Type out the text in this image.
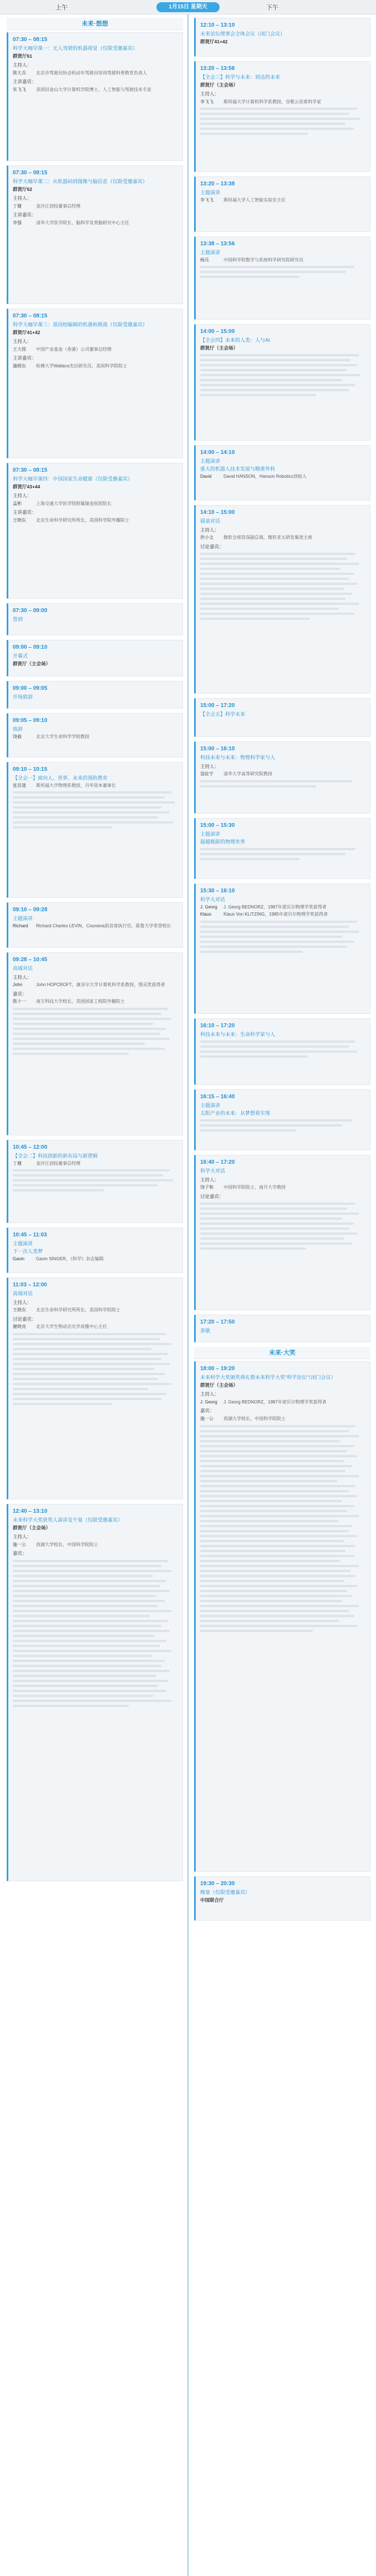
上午	1月15日 星期天	下午
未来·想想
07:30 – 08:15
科学大咖早课一：无人驾驶的机器视觉（仅限受邀嘉宾）
群贤厅61
主持人：
陈大兵	北京市驾驶员协会机动车驾驶员培训驾驶科普教育负责人
主讲嘉宾：
朱飞飞	美国旧金山大学计算机学院博士，人工智能与驾驶技术专家
07:30 – 08:15
科学大咖早课二：从机器码到图像与脑信息（仅限受邀嘉宾）
群贤厅62
主持人：
丁健	金沙江创投董事总经理
主讲嘉宾：
李强	清华大学医学院长、脑科学及类脑研究中心主任
07:30 – 08:15
科学大咖早课三：基因组编辑的机遇和挑战（仅限受邀嘉宾）
群贤厅41+42
主持人：
王大铭	中国产业基金（香港）公司董事总经理
主讲嘉宾：
施晓东	哈佛大学Wallace杰出研究员，美国科学院院士
07:30 – 08:15
科学大咖早课四：中国国家生命健康（仅限受邀嘉宾）
群贤厅43+44
主持人：
孟彬	上海交通大学医学院附属瑞金医院院长
主讲嘉宾：
王晓东	北京生命科学研究所所长，美国科学院外籍院士
07:30 – 09:00
签到
09:00 – 09:10
开幕式
群贤厅（主会场）
09:00 – 09:05
开场致辞
09:05 – 09:10
致辞
饶毅	北京大学生命科学学院教授
09:10 – 10:15
【全会一】面向人、世界、未来的预防教育
张首晟	斯坦福大学物理系教授，丹华资本董事长
09:10 – 09:28
主题演讲
Richard	Richard Charles LEVIN，Coursera前首席执行官，耶鲁大学荣誉校长
09:28 – 10:45
高端对话
主持人：
John	John HOPCROFT，康奈尔大学计算机科学系教授，图灵奖获得者
嘉宾：
陈十一	南方科技大学校长，美国国家工程院外籍院士
10:45 – 12:00
【全会二】科技创新的新布局与新逻辑
丁健	金沙江创投董事总经理
10:45 – 11:03
主题演讲
下一次人类梦
Gavin	Gavin SINGER，《科学》杂志编辑
11:03 – 12:00
高端对话
主持人：
王晓东	北京生命科学研究所所长，美国科学院院士
讨论嘉宾：
谢晓亮	北京大学生物动态光学成像中心主任
12:40 – 13:10
未来科学大奖获奖人演讲及午宴（仅限受邀嘉宾）
群贤厅（主会场）
主持人：
施一公	西湖大学校长，中国科学院院士
嘉宾：
12:10 – 13:10
未来论坛理事会全体会议（闭门会议）
群贤厅41+42
13:20 – 13:56
【全会三】科学与未来：到达的未来
群贤厅（主会场）
主持人：
李飞飞	斯坦福大学计算机科学系教授，谷歌云首席科学家
13:20 – 13:38
主题演讲
李飞飞	斯坦福大学人工智能实验室主任
13:38 – 13:56
主题演讲
杨乐	中国科学院数学与系统科学研究院研究员
14:00 – 15:00
【全会四】未来的人类：人与AI
群贤厅（主会场）
14:00 – 14:10
主题演讲
重大的机器人技术发展与精准外科
David	David HANSON，Hanson Robotics创始人
14:10 – 15:00
圆桌对话
主持人：
洪小文	微软全球资深副总裁，微软亚太研发集团主席
讨论嘉宾：
15:00 – 17:20
【全会五】科学未来
15:00 – 16:10
科技未来与未来：物理科学家与人
主持人：
翁征宇	清华大学高等研究院教授
15:00 – 15:30
主题演讲
超越极限的物理世界
15:30 – 16:10
科学大对话
J. Georg	J. Georg BEDNORZ，1987年诺贝尔物理学奖获得者
Klaus	Klaus Von KLITZING，1985年诺贝尔物理学奖获得者
16:10 – 17:20
科技未来与未来：生命科学家与人
16:15 – 16:40
主题演讲
太阳产业的未来：从梦想看实现
16:40 – 17:20
科学大对话
主持人：
饶子和	中国科学院院士，南开大学教授
讨论嘉宾：
17:20 – 17:50
茶歇
未来·大笑
18:00 – 19:20
未来科学大奖颁奖典礼暨未来科学大奖“科学论坛”（闭门会议）
群贤厅（主会场）
主持人：
J. Georg	J. Georg BEDNORZ，1987年诺贝尔物理学奖获得者
嘉宾：
施一公	西湖大学校长，中国科学院院士
19:30 – 20:30
晚宴（仅限受邀嘉宾）
中国联合厅
